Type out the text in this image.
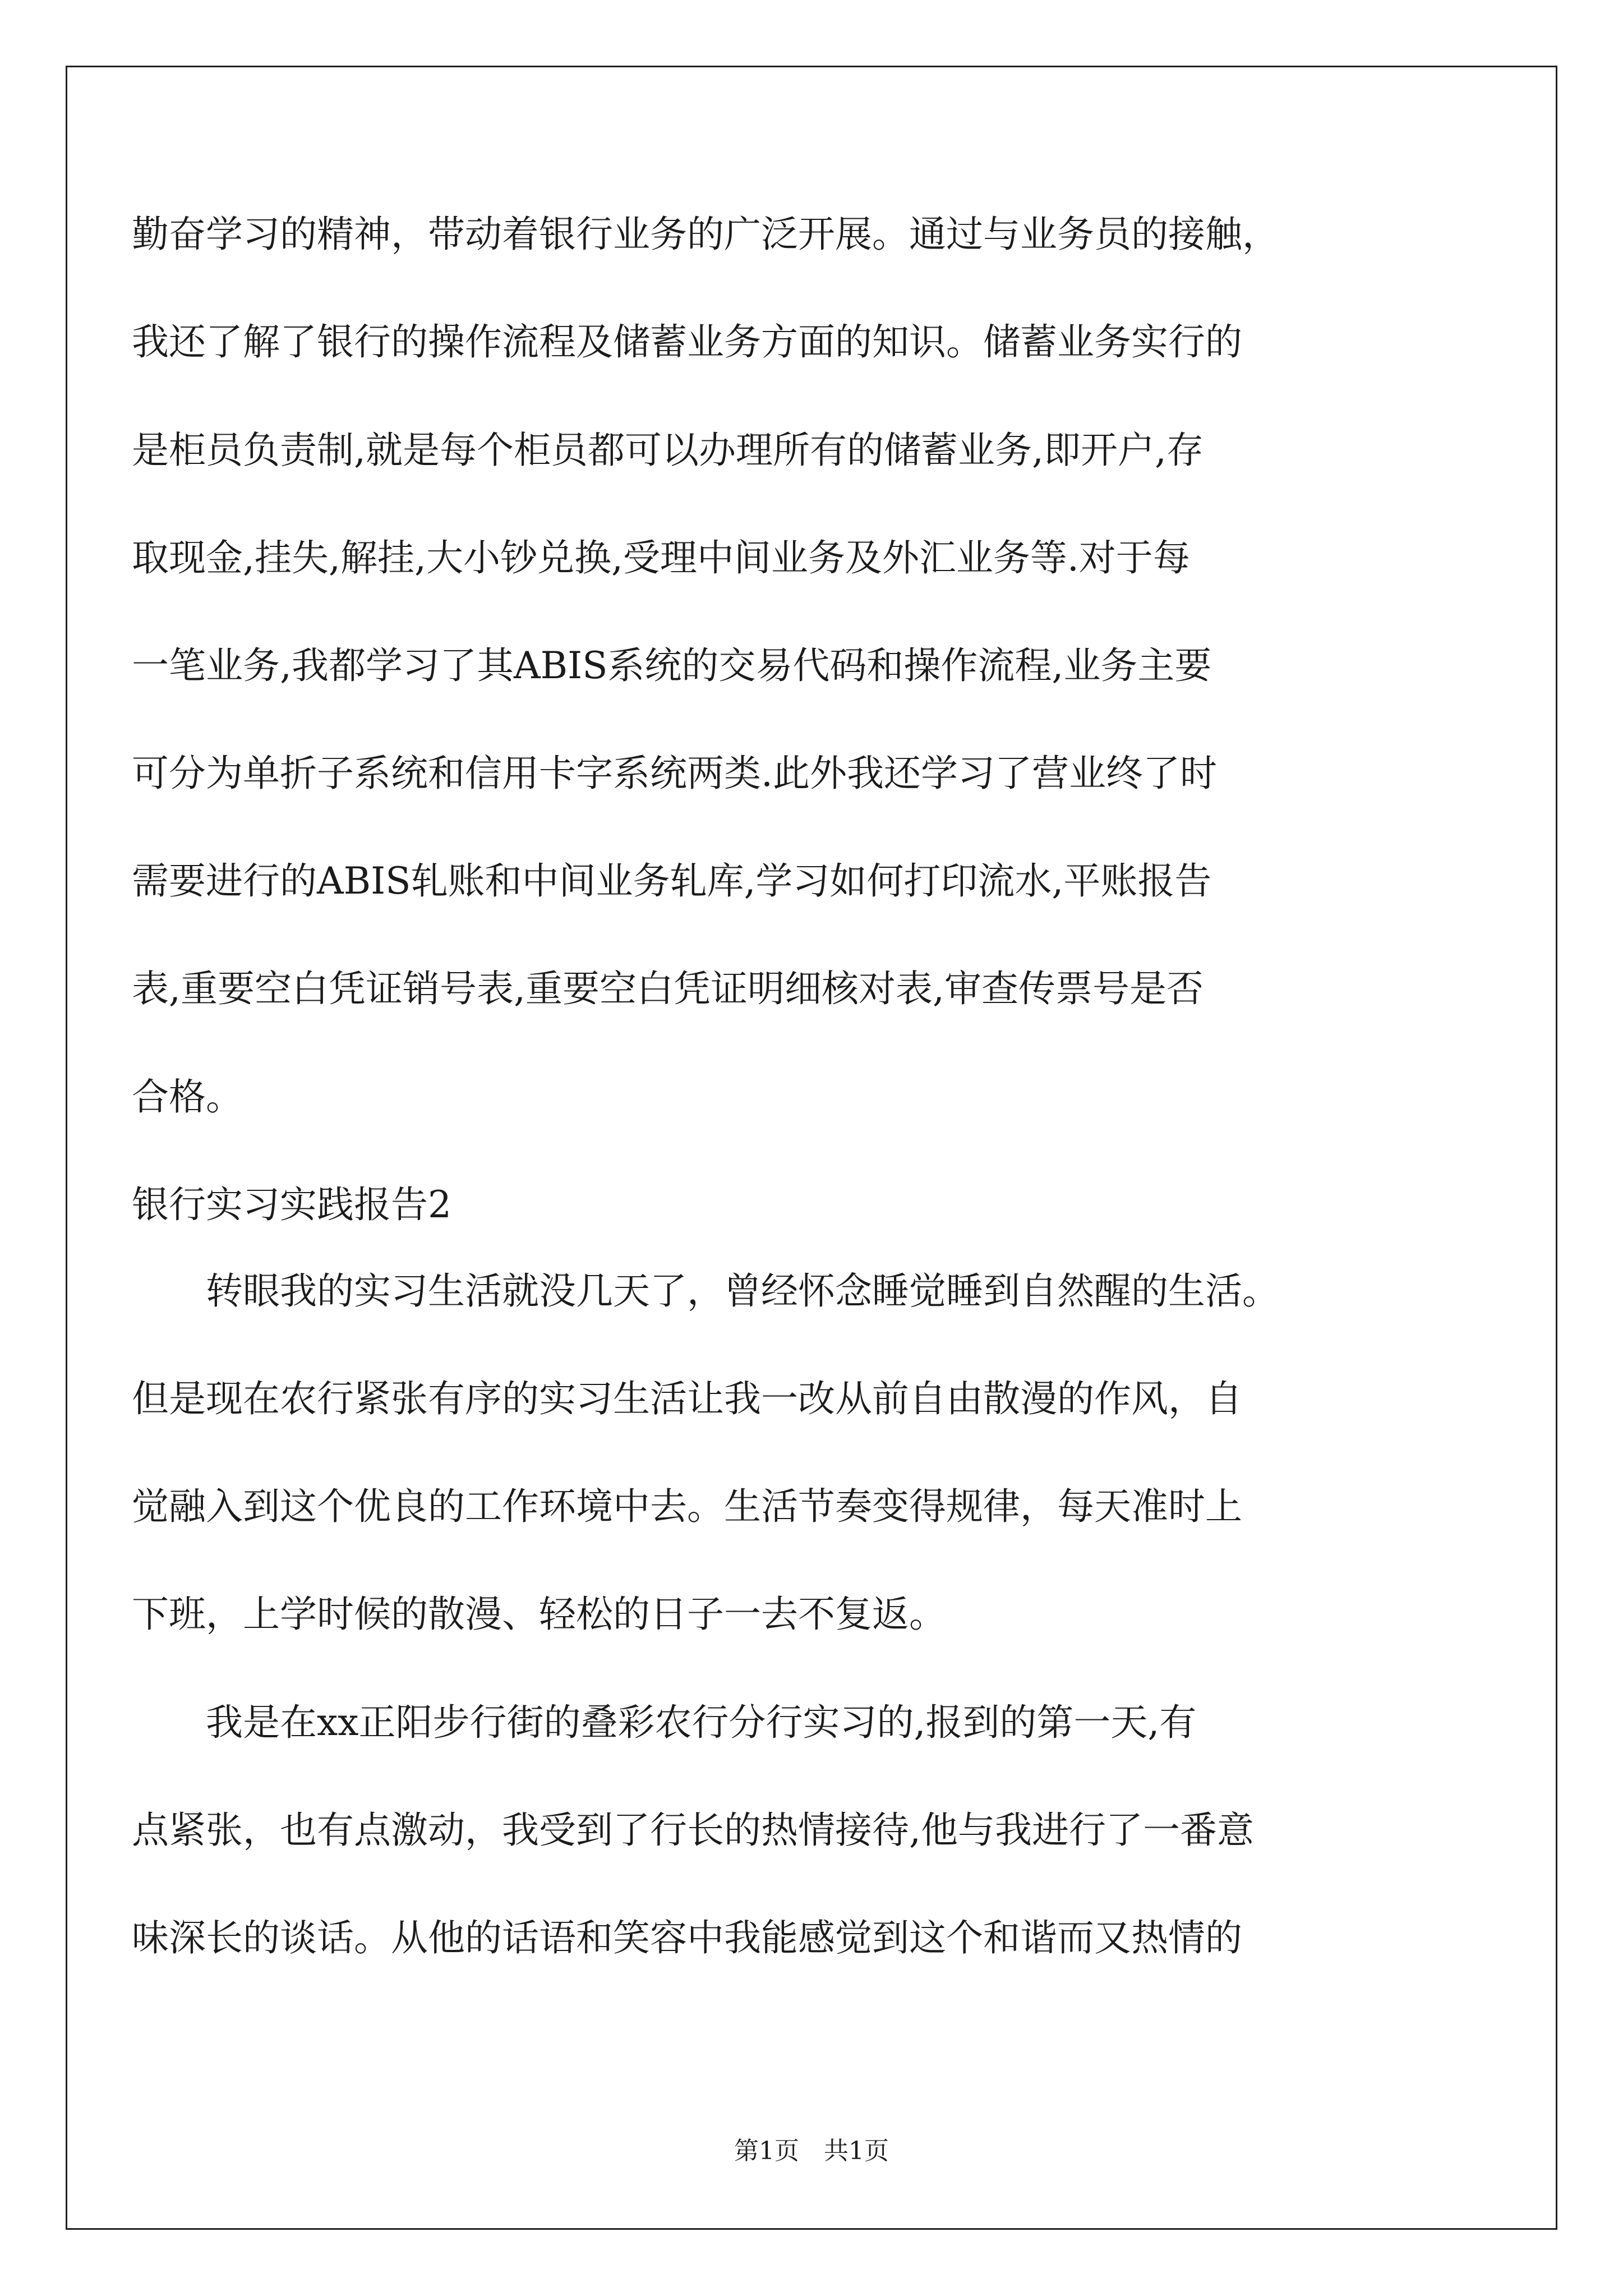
勤奋学习的精神，带动着银行业务的广泛开展。通过与业务员的接触，
我还了解了银行的操作流程及储蓄业务方面的知识。储蓄业务实行的
是柜员负责制,就是每个柜员都可以办理所有的储蓄业务,即开户,存
取现金,挂失,解挂,大小钞兑换,受理中间业务及外汇业务等.对于每
一笔业务,我都学习了其ABIS系统的交易代码和操作流程,业务主要
可分为单折子系统和信用卡字系统两类.此外我还学习了营业终了时
需要进行的ABIS轧账和中间业务轧库,学习如何打印流水,平账报告
表,重要空白凭证销号表,重要空白凭证明细核对表,审查传票号是否
合格。
银行实习实践报告2
转眼我的实习生活就没几天了，曾经怀念睡觉睡到自然醒的生活。
但是现在农行紧张有序的实习生活让我一改从前自由散漫的作风，自
觉融入到这个优良的工作环境中去。生活节奏变得规律，每天准时上
下班，上学时候的散漫、轻松的日子一去不复返。
我是在xx正阳步行街的叠彩农行分行实习的,报到的第一天,有
点紧张，也有点激动，我受到了行长的热情接待,他与我进行了一番意
味深长的谈话。从他的话语和笑容中我能感觉到这个和谐而又热情的
第1页 共1页
